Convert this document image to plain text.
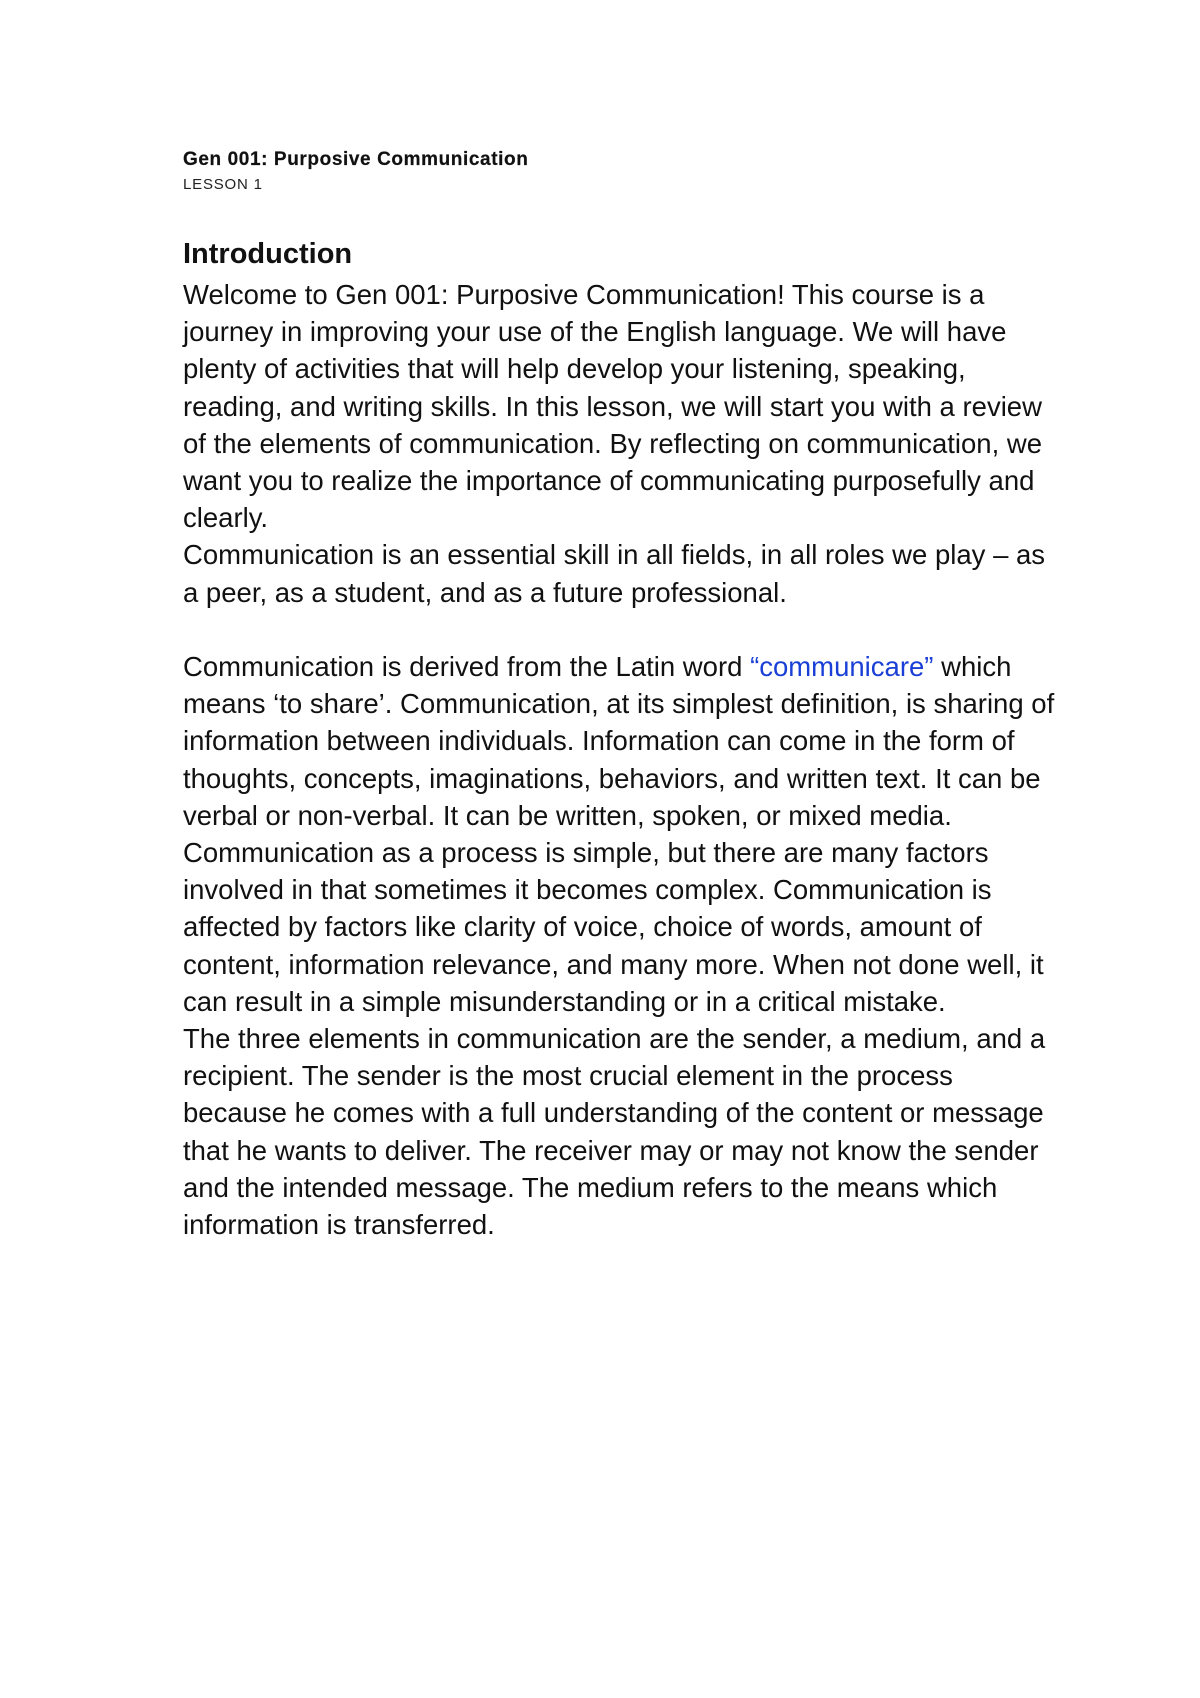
Gen 001: Purposive Communication

LESSON 1

Introduction

Welcome to Gen 001: Purposive Communication! This course is a journey in improving your use of the English language. We will have plenty of activities that will help develop your listening, speaking, reading, and writing skills. In this lesson, we will start you with a review of the elements of communication. By reflecting on communication, we want you to realize the importance of communicating purposefully and clearly.

Communication is an essential skill in all fields, in all roles we play – as a peer, as a student, and as a future professional.

Communication is derived from the Latin word “communicare” which means ‘to share’. Communication, at its simplest definition, is sharing of information between individuals. Information can come in the form of thoughts, concepts, imaginations, behaviors, and written text. It can be verbal or non-verbal. It can be written, spoken, or mixed media.

Communication as a process is simple, but there are many factors involved in that sometimes it becomes complex. Communication is affected by factors like clarity of voice, choice of words, amount of content, information relevance, and many more. When not done well, it can result in a simple misunderstanding or in a critical mistake.

The three elements in communication are the sender, a medium, and a recipient. The sender is the most crucial element in the process because he comes with a full understanding of the content or message that he wants to deliver. The receiver may or may not know the sender and the intended message. The medium refers to the means which information is transferred.
